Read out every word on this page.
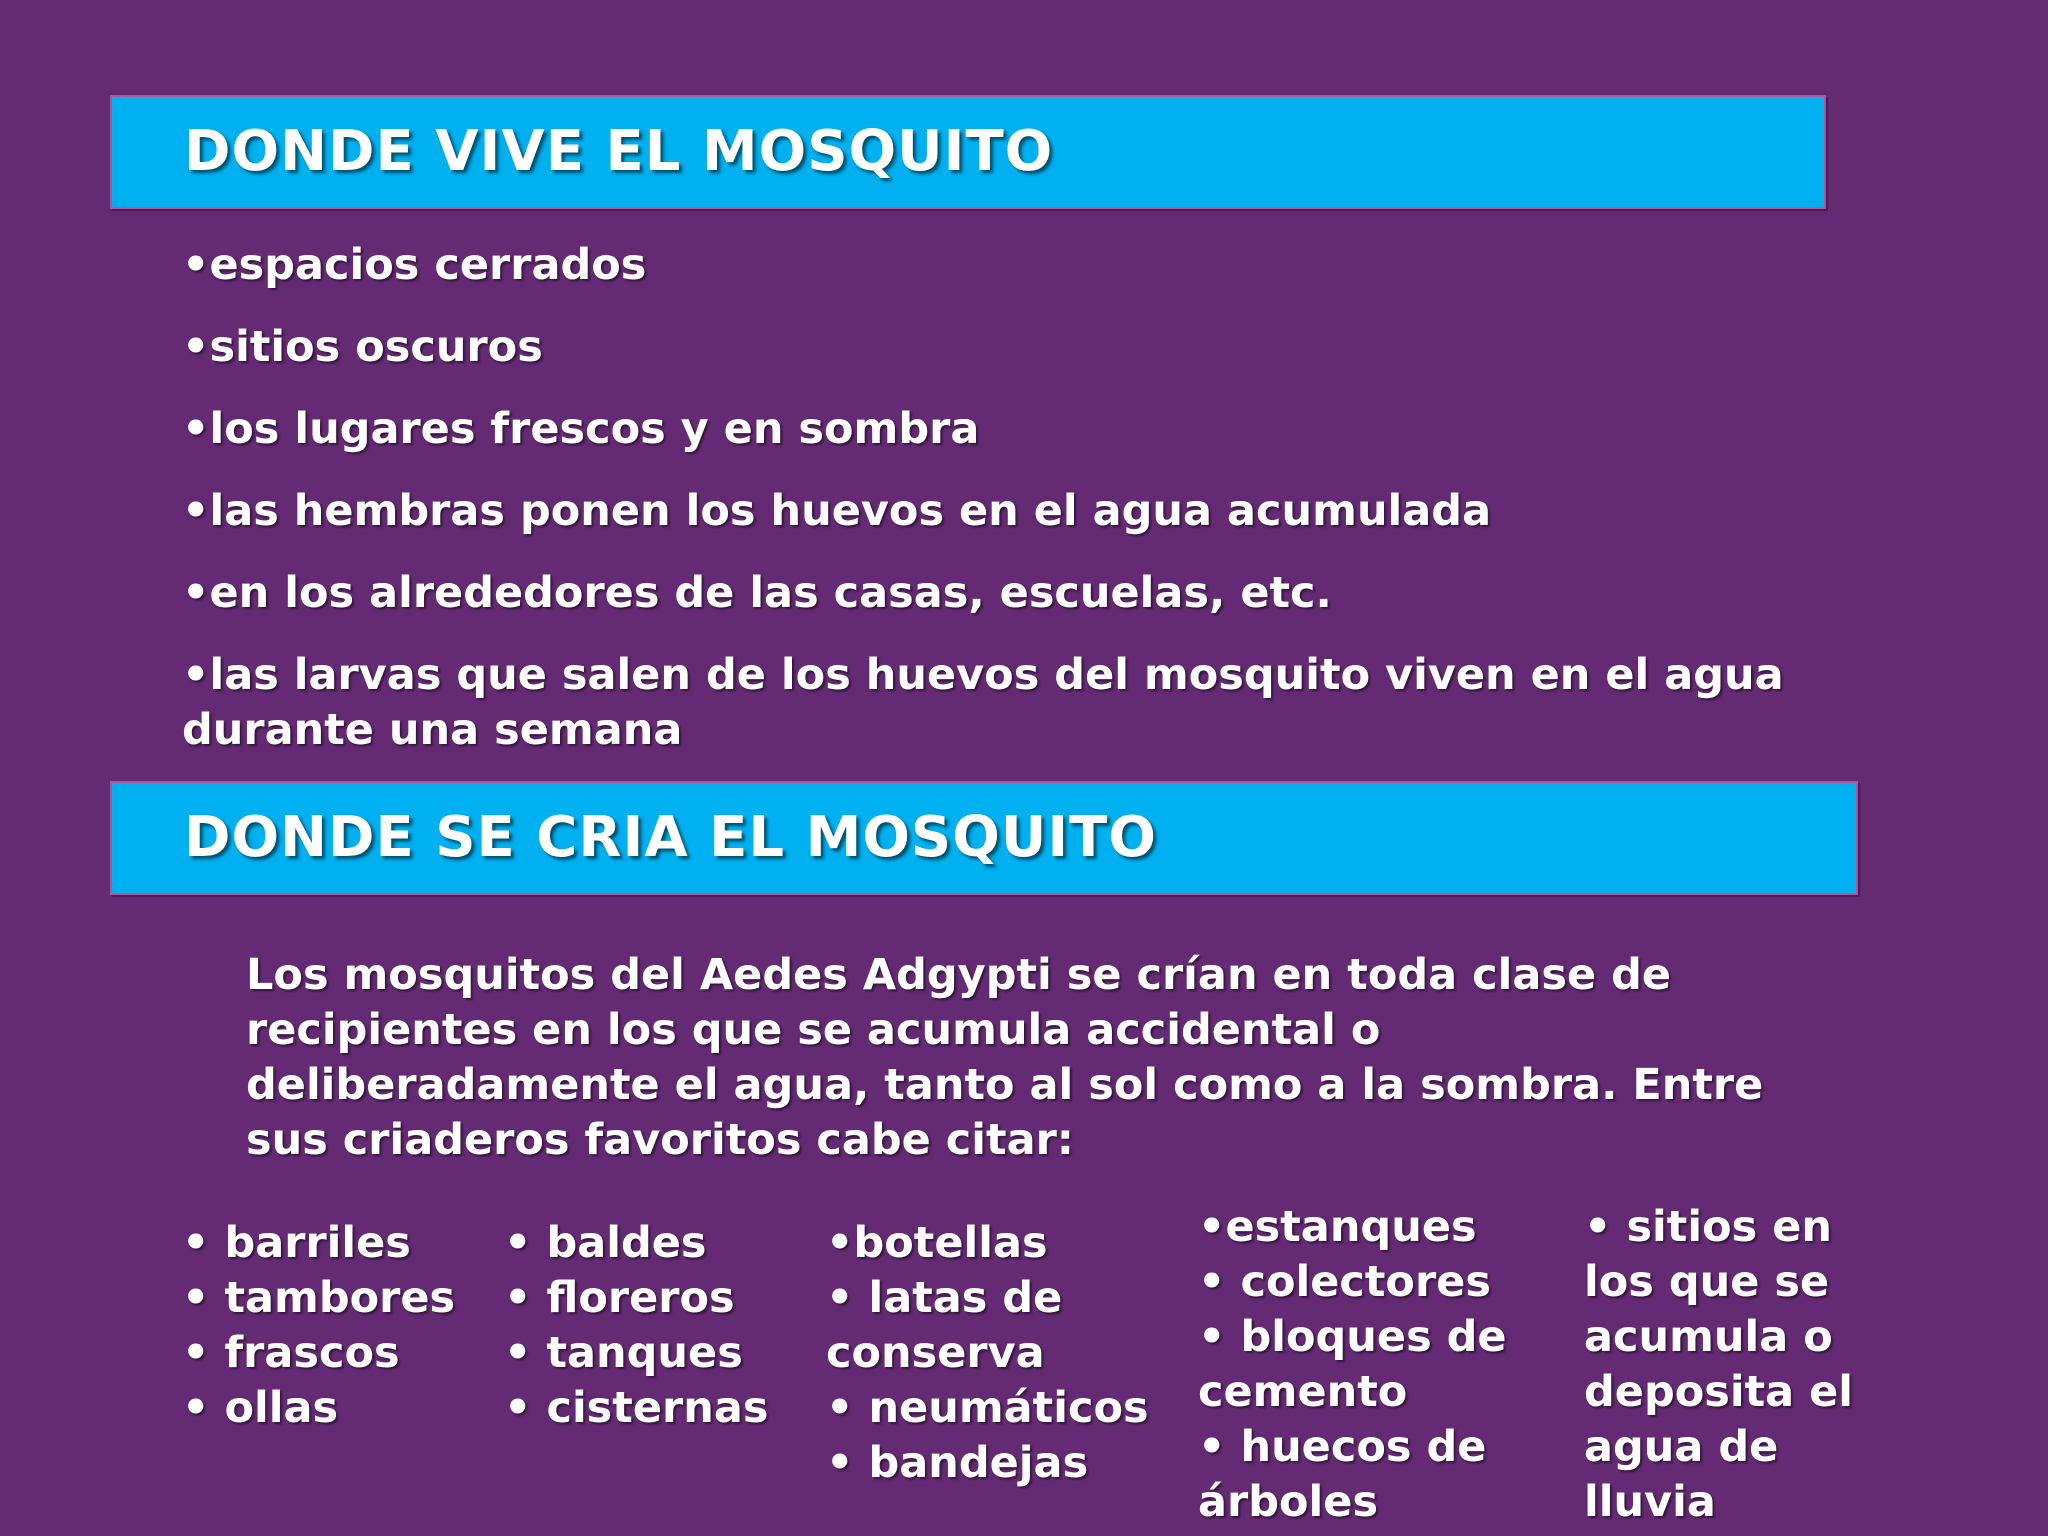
DONDE VIVE EL MOSQUITO
• espacios cerrados
• sitios oscuros
• los lugares frescos y en sombra
• las hembras ponen los huevos en el agua acumulada
• en los alrededores de las casas, escuelas, etc.
• las larvas que salen de los huevos del mosquito viven en el agua durante una semana
DONDE SE CRIA EL MOSQUITO

Los mosquitos del Aedes Adgypti se crían en toda clase de recipientes en los que se acumula accidental o deliberadamente el agua, tanto al sol como a la sombra. Entre sus criaderos favoritos cabe citar:

• barriles
• tambores
• frascos
• ollas
• baldes
• floreros
• tanques
• cisternas
•botellas
• latas de conserva
• neumáticos
• bandejas
•estanques
• colectores
• bloques de cemento
• huecos de árboles
• sitios en los que se acumula o deposita el agua de lluvia
